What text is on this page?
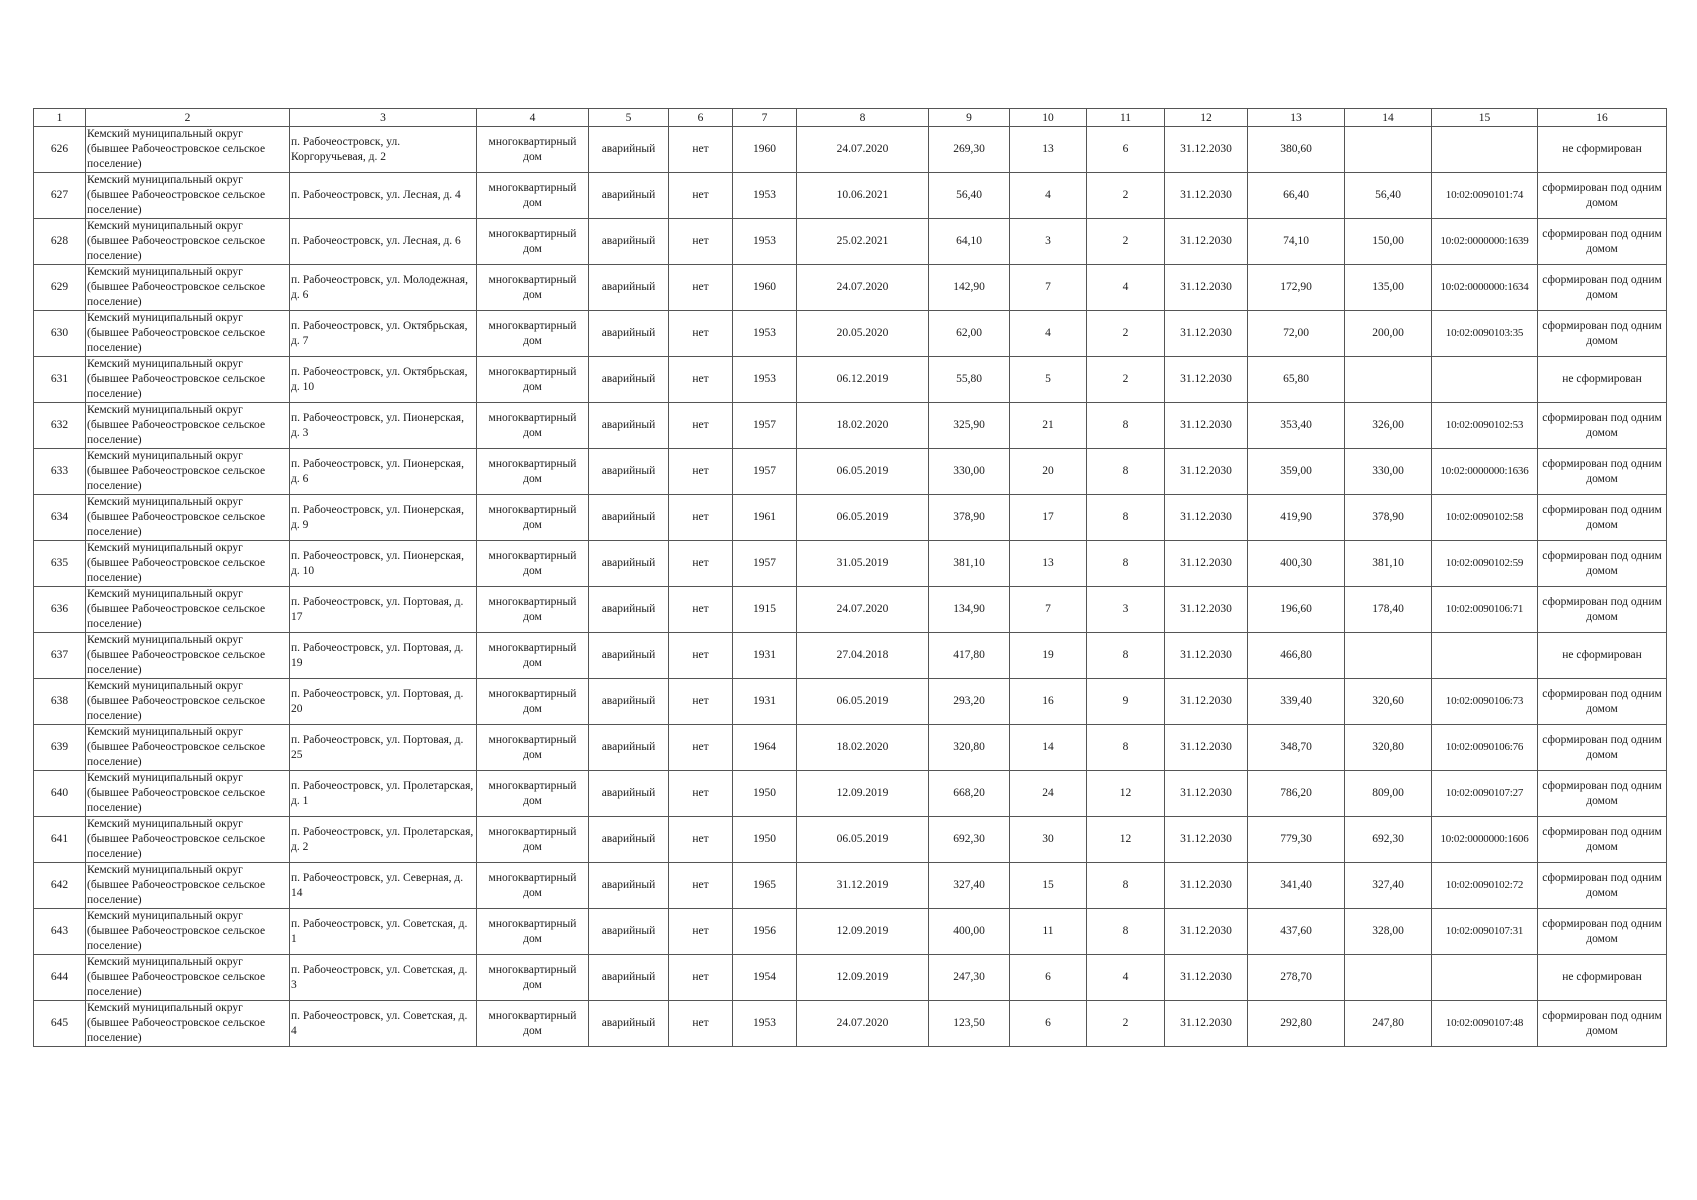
1	2	3	4	5	6	7	8	9	10	11	12	13	14	15	16
626	Кемский муниципальный округ (бывшее Рабочеостровское сельское поселение)	п. Рабочеостровск, ул. Коргоручьевая, д. 2	многоквартирный дом	аварийный	нет	1960	24.07.2020	269,30	13	6	31.12.2030	380,60			не сформирован
627	Кемский муниципальный округ (бывшее Рабочеостровское сельское поселение)	п. Рабочеостровск, ул. Лесная, д. 4	многоквартирный дом	аварийный	нет	1953	10.06.2021	56,40	4	2	31.12.2030	66,40	56,40	10:02:0090101:74	сформирован под одним домом
628	Кемский муниципальный округ (бывшее Рабочеостровское сельское поселение)	п. Рабочеостровск, ул. Лесная, д. 6	многоквартирный дом	аварийный	нет	1953	25.02.2021	64,10	3	2	31.12.2030	74,10	150,00	10:02:0000000:1639	сформирован под одним домом
629	Кемский муниципальный округ (бывшее Рабочеостровское сельское поселение)	п. Рабочеостровск, ул. Молодежная, д. 6	многоквартирный дом	аварийный	нет	1960	24.07.2020	142,90	7	4	31.12.2030	172,90	135,00	10:02:0000000:1634	сформирован под одним домом
630	Кемский муниципальный округ (бывшее Рабочеостровское сельское поселение)	п. Рабочеостровск, ул. Октябрьская, д. 7	многоквартирный дом	аварийный	нет	1953	20.05.2020	62,00	4	2	31.12.2030	72,00	200,00	10:02:0090103:35	сформирован под одним домом
631	Кемский муниципальный округ (бывшее Рабочеостровское сельское поселение)	п. Рабочеостровск, ул. Октябрьская, д. 10	многоквартирный дом	аварийный	нет	1953	06.12.2019	55,80	5	2	31.12.2030	65,80			не сформирован
632	Кемский муниципальный округ (бывшее Рабочеостровское сельское поселение)	п. Рабочеостровск, ул. Пионерская, д. 3	многоквартирный дом	аварийный	нет	1957	18.02.2020	325,90	21	8	31.12.2030	353,40	326,00	10:02:0090102:53	сформирован под одним домом
633	Кемский муниципальный округ (бывшее Рабочеостровское сельское поселение)	п. Рабочеостровск, ул. Пионерская, д. 6	многоквартирный дом	аварийный	нет	1957	06.05.2019	330,00	20	8	31.12.2030	359,00	330,00	10:02:0000000:1636	сформирован под одним домом
634	Кемский муниципальный округ (бывшее Рабочеостровское сельское поселение)	п. Рабочеостровск, ул. Пионерская, д. 9	многоквартирный дом	аварийный	нет	1961	06.05.2019	378,90	17	8	31.12.2030	419,90	378,90	10:02:0090102:58	сформирован под одним домом
635	Кемский муниципальный округ (бывшее Рабочеостровское сельское поселение)	п. Рабочеостровск, ул. Пионерская, д. 10	многоквартирный дом	аварийный	нет	1957	31.05.2019	381,10	13	8	31.12.2030	400,30	381,10	10:02:0090102:59	сформирован под одним домом
636	Кемский муниципальный округ (бывшее Рабочеостровское сельское поселение)	п. Рабочеостровск, ул. Портовая, д. 17	многоквартирный дом	аварийный	нет	1915	24.07.2020	134,90	7	3	31.12.2030	196,60	178,40	10:02:0090106:71	сформирован под одним домом
637	Кемский муниципальный округ (бывшее Рабочеостровское сельское поселение)	п. Рабочеостровск, ул. Портовая, д. 19	многоквартирный дом	аварийный	нет	1931	27.04.2018	417,80	19	8	31.12.2030	466,80			не сформирован
638	Кемский муниципальный округ (бывшее Рабочеостровское сельское поселение)	п. Рабочеостровск, ул. Портовая, д. 20	многоквартирный дом	аварийный	нет	1931	06.05.2019	293,20	16	9	31.12.2030	339,40	320,60	10:02:0090106:73	сформирован под одним домом
639	Кемский муниципальный округ (бывшее Рабочеостровское сельское поселение)	п. Рабочеостровск, ул. Портовая, д. 25	многоквартирный дом	аварийный	нет	1964	18.02.2020	320,80	14	8	31.12.2030	348,70	320,80	10:02:0090106:76	сформирован под одним домом
640	Кемский муниципальный округ (бывшее Рабочеостровское сельское поселение)	п. Рабочеостровск, ул. Пролетарская, д. 1	многоквартирный дом	аварийный	нет	1950	12.09.2019	668,20	24	12	31.12.2030	786,20	809,00	10:02:0090107:27	сформирован под одним домом
641	Кемский муниципальный округ (бывшее Рабочеостровское сельское поселение)	п. Рабочеостровск, ул. Пролетарская, д. 2	многоквартирный дом	аварийный	нет	1950	06.05.2019	692,30	30	12	31.12.2030	779,30	692,30	10:02:0000000:1606	сформирован под одним домом
642	Кемский муниципальный округ (бывшее Рабочеостровское сельское поселение)	п. Рабочеостровск, ул. Северная, д. 14	многоквартирный дом	аварийный	нет	1965	31.12.2019	327,40	15	8	31.12.2030	341,40	327,40	10:02:0090102:72	сформирован под одним домом
643	Кемский муниципальный округ (бывшее Рабочеостровское сельское поселение)	п. Рабочеостровск, ул. Советская, д. 1	многоквартирный дом	аварийный	нет	1956	12.09.2019	400,00	11	8	31.12.2030	437,60	328,00	10:02:0090107:31	сформирован под одним домом
644	Кемский муниципальный округ (бывшее Рабочеостровское сельское поселение)	п. Рабочеостровск, ул. Советская, д. 3	многоквартирный дом	аварийный	нет	1954	12.09.2019	247,30	6	4	31.12.2030	278,70			не сформирован
645	Кемский муниципальный округ (бывшее Рабочеостровское сельское поселение)	п. Рабочеостровск, ул. Советская, д. 4	многоквартирный дом	аварийный	нет	1953	24.07.2020	123,50	6	2	31.12.2030	292,80	247,80	10:02:0090107:48	сформирован под одним домом
